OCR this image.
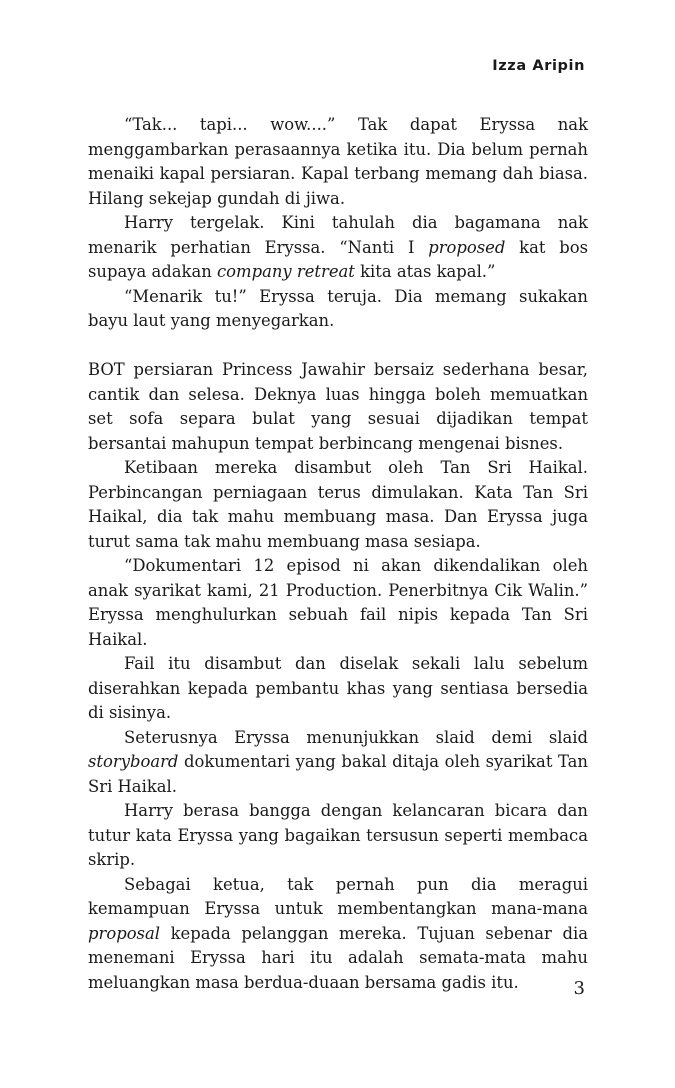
Izza Aripin

“Tak... tapi... wow....” Tak dapat Eryssa nak menggambarkan perasaannya ketika itu. Dia belum pernah menaiki kapal persiaran. Kapal terbang memang dah biasa. Hilang sekejap gundah di jiwa.

Harry tergelak. Kini tahulah dia bagamana nak menarik perhatian Eryssa. “Nanti I proposed kat bos supaya adakan company retreat kita atas kapal.”

“Menarik tu!” Eryssa teruja. Dia memang sukakan bayu laut yang menyegarkan.

BOT persiaran Princess Jawahir bersaiz sederhana besar, cantik dan selesa. Deknya luas hingga boleh memuatkan set sofa separa bulat yang sesuai dijadikan tempat bersantai mahupun tempat berbincang mengenai bisnes.

Ketibaan mereka disambut oleh Tan Sri Haikal. Perbincangan perniagaan terus dimulakan. Kata Tan Sri Haikal, dia tak mahu membuang masa. Dan Eryssa juga turut sama tak mahu membuang masa sesiapa.

“Dokumentari 12 episod ni akan dikendalikan oleh anak syarikat kami, 21 Production. Penerbitnya Cik Walin.” Eryssa menghulurkan sebuah fail nipis kepada Tan Sri Haikal.

Fail itu disambut dan diselak sekali lalu sebelum diserahkan kepada pembantu khas yang sentiasa bersedia di sisinya.

Seterusnya Eryssa menunjukkan slaid demi slaid storyboard dokumentari yang bakal ditaja oleh syarikat Tan Sri Haikal.

Harry berasa bangga dengan kelancaran bicara dan tutur kata Eryssa yang bagaikan tersusun seperti membaca skrip.

Sebagai ketua, tak pernah pun dia meragui kemampuan Eryssa untuk membentangkan mana-mana proposal kepada pelanggan mereka. Tujuan sebenar dia menemani Eryssa hari itu adalah semata-mata mahu meluangkan masa berdua-duaan bersama gadis itu.	3
